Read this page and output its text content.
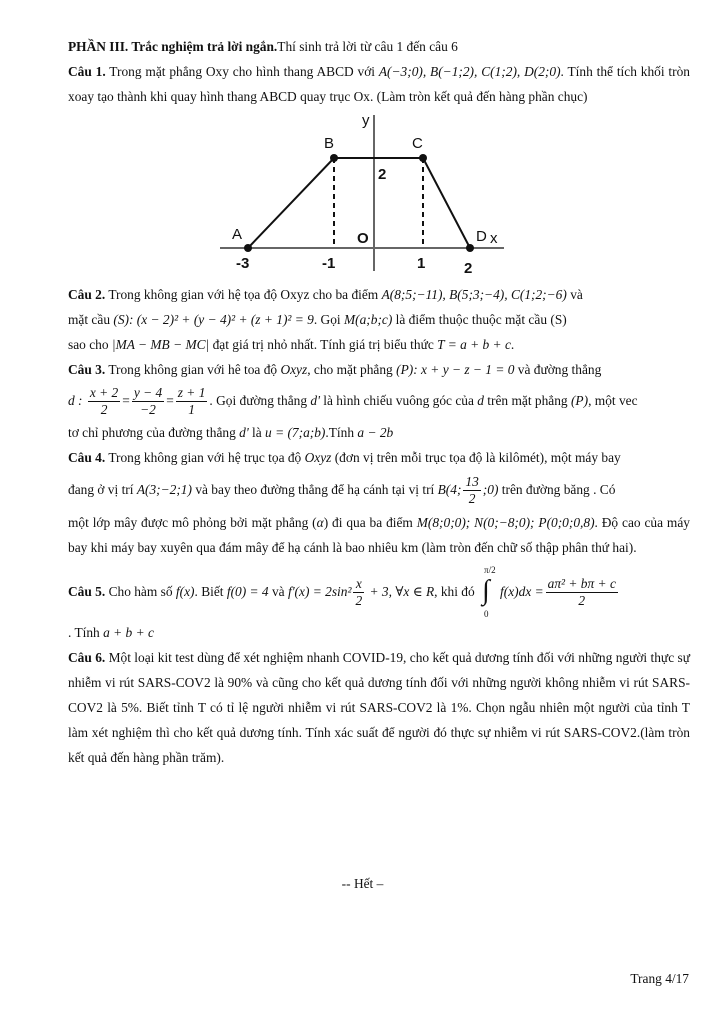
PHẦN III. Trắc nghiệm trả lời ngắn.Thí sinh trả lời từ câu 1 đến câu 6

Câu 1. Trong mặt phẳng Oxy cho hình thang ABCD với A(−3;0), B(−1;2), C(1;2), D(2;0). Tính thể tích khối tròn xoay tạo thành khi quay hình thang ABCD quay trục Ox. (Làm tròn kết quả đến hàng phần chục)

y
x
O
A
B	C
D
-3	-1	1	2
2

Câu 2. Trong không gian với hệ tọa độ Oxyz cho ba điểm A(8;5;−11), B(5;3;−4), C(1;2;−6) và
mặt cầu (S): (x − 2)² + (y − 4)² + (z + 1)² = 9. Gọi M(a;b;c) là điểm thuộc thuộc mặt cầu (S)
sao cho |MA − MB − MC| đạt giá trị nhỏ nhất. Tính giá trị biểu thức T = a + b + c.

Câu 3. Trong không gian với hê toa độ Oxyz, cho mặt phẳng (P): x + y − z − 1 = 0 và đường thẳng
d : $\frac{x + 2}{2} = \frac{y - 4}{-2} = \frac{z + 1}{1}$ . Gọi đường thẳng d' là hình chiếu vuông góc của d trên mặt phẳng (P), một vec
tơ chỉ phương của đường thẳng d' là u = (7;a;b).Tính a − 2b

Câu 4. Trong không gian với hệ trục tọa độ Oxyz (đơn vị trên mỗi trục tọa độ là kilômét), một máy bay
đang ở vị trí A(3;−2;1) và bay theo đường thẳng để hạ cánh tại vị trí B(4; $\frac{13}{2}$ ;0) trên đường băng . Có
một lớp mây được mô phỏng bởi mặt phẳng (α) đi qua ba điểm M(8;0;0); N(0;−8;0); P(0;0;0,8). Độ cao của máy bay khi máy bay xuyên qua đám mây để hạ cánh là bao nhiêu km (làm tròn đến chữ số thập phân thứ hai).

Câu 5. Cho hàm số f(x). Biết f(0) = 4 và $f'(x) = 2\sin^2 \frac{x}{2} + 3$, ∀x ∈ R, khi đó
π/2
∫
0
$f(x)dx = \frac{\text{aπ² + bπ + c}}{2}$
. Tính a + b + c

Câu 6. Một loại kit test dùng để xét nghiệm nhanh COVID-19, cho kết quả dương tính đối với những người thực sự nhiễm vi rút SARS-COV2 là 90% và cũng cho kết quả dương tính đối với những người không nhiễm vi rút SARS-COV2 là 5%. Biết tỉnh T có tỉ lệ người nhiễm vi rút SARS-COV2 là 1%. Chọn ngẫu nhiên một người của tỉnh T làm xét nghiệm thì cho kết quả dương tính. Tính xác suất để người đó thực sự nhiễm vi rút SARS-COV2.(làm tròn kết quả đến hàng phần trăm).

-- Hết –
Trang 4/17
